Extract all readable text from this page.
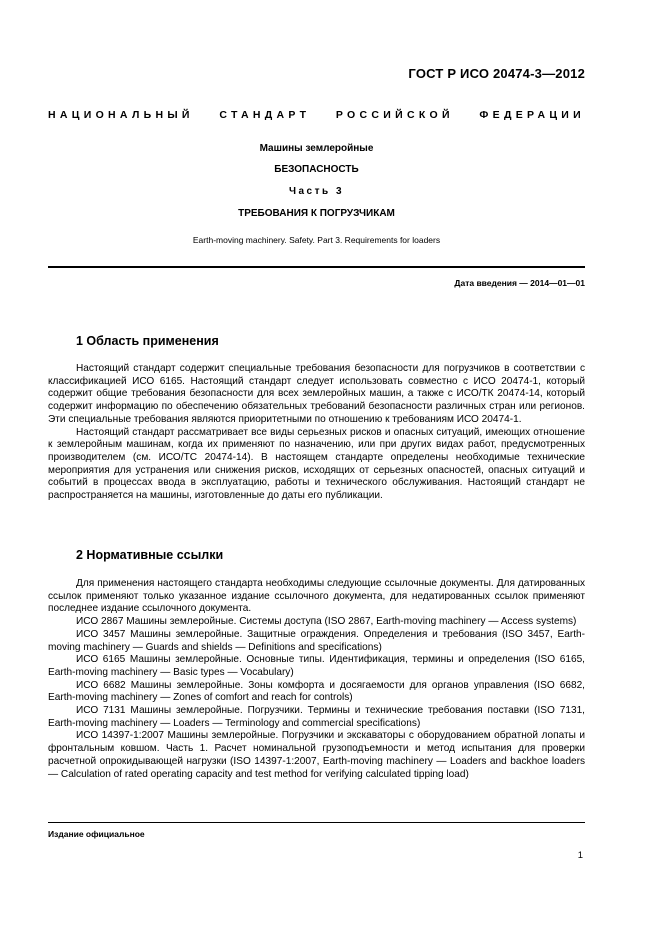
ГОСТ Р ИСО 20474-3—2012
НАЦИОНАЛЬНЫЙ СТАНДАРТ РОССИЙСКОЙ ФЕДЕРАЦИИ
Машины землеройные
БЕЗОПАСНОСТЬ
Часть 3
ТРЕБОВАНИЯ К ПОГРУЗЧИКАМ
Earth-moving machinery. Safety. Part 3. Requirements for loaders
Дата введения — 2014—01—01
1 Область применения

Настоящий стандарт содержит специальные требования безопасности для погрузчиков в соответствии с классификацией ИСО 6165. Настоящий стандарт следует использовать совместно с ИСО 20474-1, который содержит общие требования безопасности для всех землеройных машин, а также с ИСО/ТК 20474-14, который содержит информацию по обеспечению обязательных требований безопасности различных стран или регионов. Эти специальные требования являются приоритетными по отношению к требованиям ИСО 20474-1.

Настоящий стандарт рассматривает все виды серьезных рисков и опасных ситуаций, имеющих отношение к землеройным машинам, когда их применяют по назначению, или при других видах работ, предусмотренных производителем (см. ИСО/ТС 20474-14). В настоящем стандарте определены необходимые технические мероприятия для устранения или снижения рисков, исходящих от серьезных опасностей, опасных ситуаций и событий в процессах ввода в эксплуатацию, работы и технического обслуживания. Настоящий стандарт не распространяется на машины, изготовленные до даты его публикации.

2 Нормативные ссылки

Для применения настоящего стандарта необходимы следующие ссылочные документы. Для датированных ссылок применяют только указанное издание ссылочного документа, для недатированных ссылок применяют последнее издание ссылочного документа.

ИСО 2867 Машины землеройные. Системы доступа (ISO 2867, Earth-moving machinery — Access systems)

ИСО 3457 Машины землеройные. Защитные ограждения. Определения и требования (ISO 3457, Earth-moving machinery — Guards and shields — Definitions and specifications)

ИСО 6165 Машины землеройные. Основные типы. Идентификация, термины и определения (ISO 6165, Earth-moving machinery — Basic types — Vocabulary)

ИСО 6682 Машины землеройные. Зоны комфорта и досягаемости для органов управления (ISO 6682, Earth-moving machinery — Zones of comfort and reach for controls)

ИСО 7131 Машины землеройные. Погрузчики. Термины и технические требования поставки (ISO 7131, Earth-moving machinery — Loaders — Terminology and commercial specifications)

ИСО 14397-1:2007 Машины землеройные. Погрузчики и экскаваторы с оборудованием обратной лопаты и фронтальным ковшом. Часть 1. Расчет номинальной грузоподъемности и метод испытания для проверки расчетной опрокидывающей нагрузки (ISO 14397-1:2007, Earth-moving machinery — Loaders and backhoe loaders — Calculation of rated operating capacity and test method for verifying calculated tipping load)

Издание официальное
1
